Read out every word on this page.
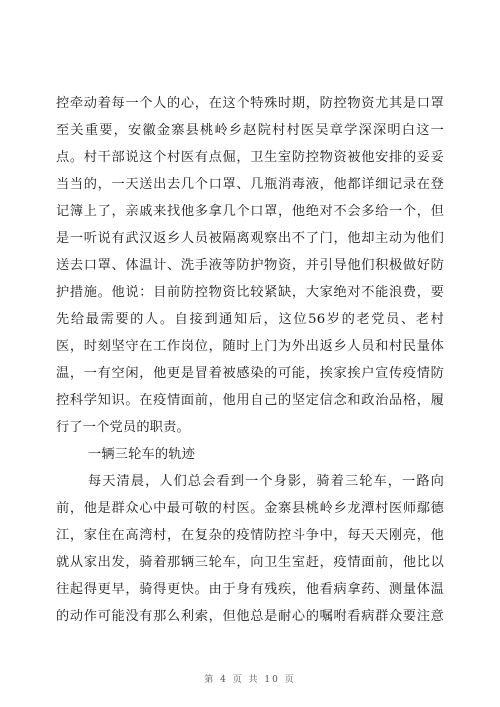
控牵动着每一个人的心，在这个特殊时期，防控物资尤其是口罩
至关重要，安徽金寨县桃岭乡赵院村村医吴章学深深明白这一
点。村干部说这个村医有点倔，卫生室防控物资被他安排的妥妥
当当的，一天送出去几个口罩、几瓶消毒液，他都详细记录在登
记簿上了，亲戚来找他多拿几个口罩，他绝对不会多给一个，但
是一听说有武汉返乡人员被隔离观察出不了门，他却主动为他们
送去口罩、体温计、洗手液等防护物资，并引导他们积极做好防
护措施。他说：目前防控物资比较紧缺，大家绝对不能浪费，要
先给最需要的人。自接到通知后，这位56岁的老党员、老村
医，时刻坚守在工作岗位，随时上门为外出返乡人员和村民量体
温，一有空闲，他更是冒着被感染的可能，挨家挨户宣传疫情防
控科学知识。在疫情面前，他用自己的坚定信念和政治品格，履
行了一个党员的职责。
一辆三轮车的轨迹
每天清晨，人们总会看到一个身影，骑着三轮车，一路向
前，他是群众心中最可敬的村医。金寨县桃岭乡龙潭村医师鄢德
江，家住在高湾村，在复杂的疫情防控斗争中，每天天刚亮，他
就从家出发，骑着那辆三轮车，向卫生室赶，疫情面前，他比以
往起得更早，骑得更快。由于身有残疾，他看病拿药、测量体温
的动作可能没有那么利索，但他总是耐心的嘱咐看病群众要注意
第 4 页 共 10 页
